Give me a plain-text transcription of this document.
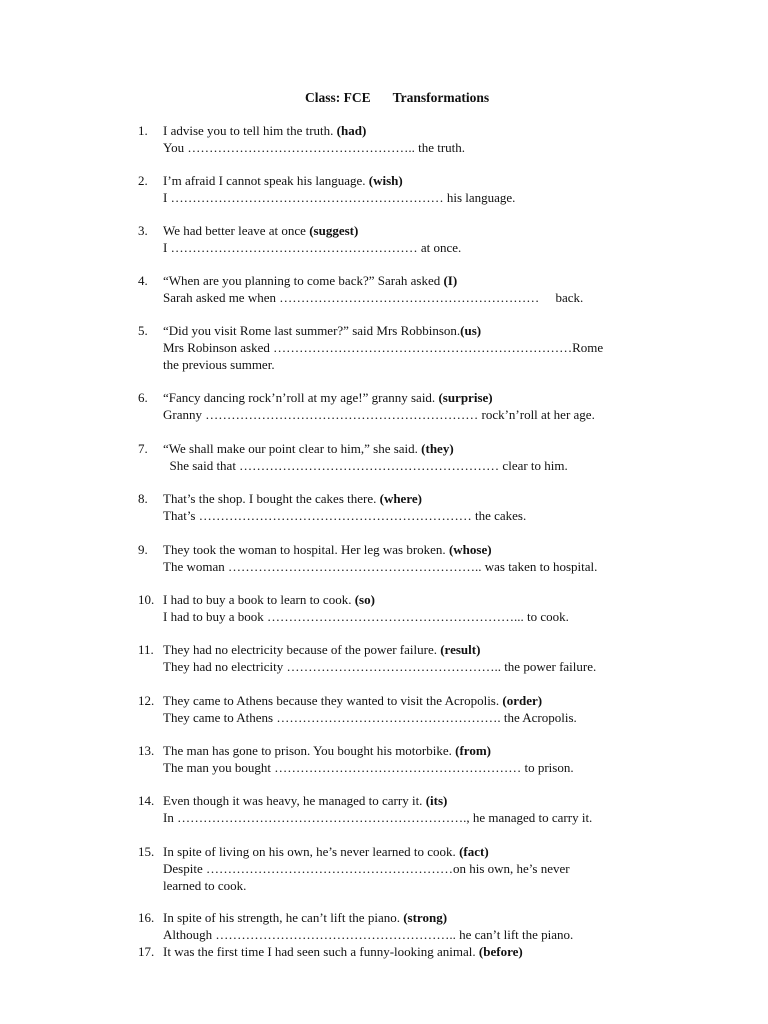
Class: FCE Transformations
1.	I advise you to tell him the truth. (had)
You …………………………………………….. the truth.
2.	I’m afraid I cannot speak his language. (wish)
I ……………………………………………………… his language.
3.	We had better leave at once (suggest)
I ………………………………………………… at once.
4.	“When are you planning to come back?” Sarah asked (I)
Sarah asked me when ……………………………………………………     back.
5.	“Did you visit Rome last summer?” said Mrs Robbinson.(us)
Mrs Robinson asked ……………………………………………………………Rome
the previous summer.
6.	“Fancy dancing rock’n’roll at my age!” granny said. (surprise)
Granny ……………………………………………………… rock’n’roll at her age.
7.	“We shall make our point clear to him,” she said. (they)
She said that …………………………………………………… clear to him.
8.	That’s the shop. I bought the cakes there. (where)
That’s ……………………………………………………… the cakes.
9.	They took the woman to hospital. Her leg was broken. (whose)
The woman ………………………………………………….. was taken to hospital.
10. I had to buy a book to learn to cook. (so)
I had to buy a book …………………………………………………... to cook.
11. They had no electricity because of the power failure. (result)
They had no electricity ………………………………………….. the power failure.
12. They came to Athens because they wanted to visit the Acropolis. (order)
They came to Athens ……………………………………………. the Acropolis.
13. The man has gone to prison. You bought his motorbike. (from)
The man you bought ………………………………………………… to prison.
14. Even though it was heavy, he managed to carry it. (its)
In …………………………………………………………., he managed to carry it.
15. In spite of living on his own, he’s never learned to cook. (fact)
Despite …………………………………………………on his own, he’s never
learned to cook.
16. In spite of his strength, he can’t lift the piano. (strong)
Although ……………………………………………….. he can’t lift the piano.
17. It was the first time I had seen such a funny-looking animal. (before)
